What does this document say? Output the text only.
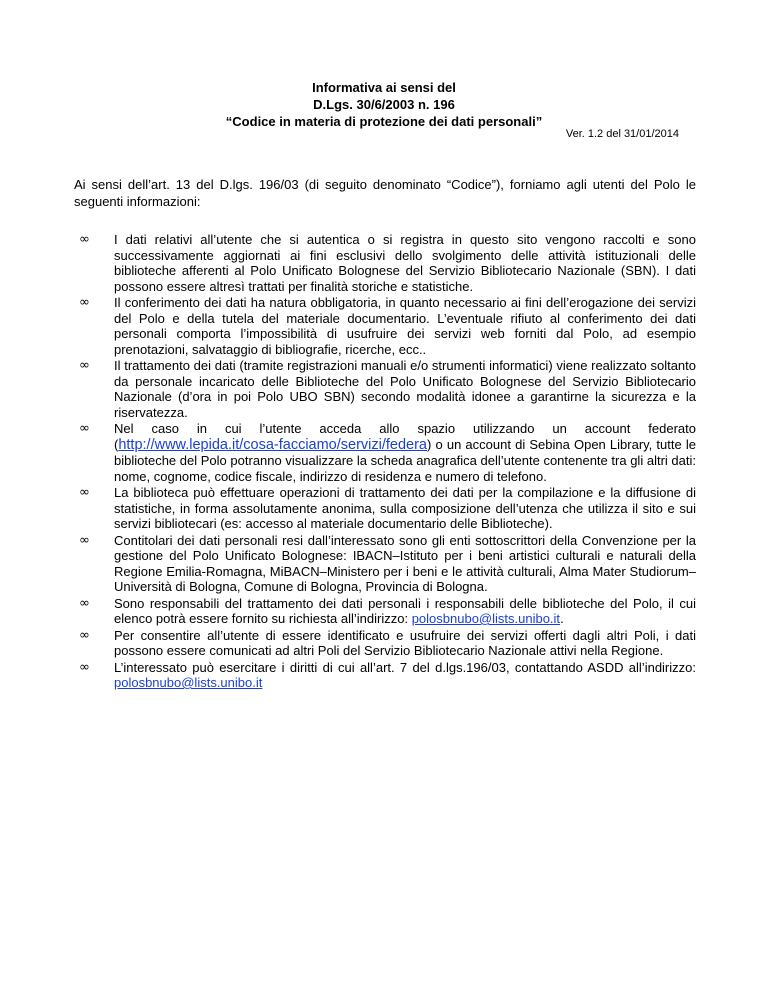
Informativa ai sensi del
D.Lgs. 30/6/2003 n. 196
“Codice in materia di protezione dei dati personali”
Ver. 1.2 del 31/01/2014
Ai sensi dell’art. 13 del D.lgs. 196/03 (di seguito denominato “Codice”), forniamo agli utenti del Polo le seguenti informazioni:
∞	I dati relativi all’utente che si autentica o si registra in questo sito vengono raccolti e sono successivamente aggiornati ai fini esclusivi dello svolgimento delle attività istituzionali delle biblioteche afferenti al Polo Unificato Bolognese del Servizio Bibliotecario Nazionale (SBN). I dati possono essere altresì trattati per finalità storiche e statistiche.
∞	Il conferimento dei dati ha natura obbligatoria, in quanto necessario ai fini dell’erogazione dei servizi del Polo e della tutela del materiale documentario. L’eventuale rifiuto al conferimento dei dati personali comporta l’impossibilità di usufruire dei servizi web forniti dal Polo, ad esempio prenotazioni, salvataggio di bibliografie, ricerche, ecc..
∞	Il trattamento dei dati (tramite registrazioni manuali e/o strumenti informatici) viene realizzato soltanto da personale incaricato delle Biblioteche del Polo Unificato Bolognese del Servizio Bibliotecario Nazionale (d’ora in poi Polo UBO SBN) secondo modalità idonee a garantirne la sicurezza e la riservatezza.
∞	Nel caso in cui l’utente acceda allo spazio utilizzando un account federato (http://www.lepida.it/cosa-facciamo/servizi/federa) o un account di Sebina Open Library, tutte le biblioteche del Polo potranno visualizzare la scheda anagrafica dell’utente contenente tra gli altri dati: nome, cognome, codice fiscale, indirizzo di residenza e numero di telefono.
∞	La biblioteca può effettuare operazioni di trattamento dei dati per la compilazione e la diffusione di statistiche, in forma assolutamente anonima, sulla composizione dell’utenza che utilizza il sito e sui servizi bibliotecari (es: accesso al materiale documentario delle Biblioteche).
∞	Contitolari dei dati personali resi dall’interessato sono gli enti sottoscrittori della Convenzione per la gestione del Polo Unificato Bolognese: IBACN–Istituto per i beni artistici culturali e naturali della Regione Emilia-Romagna, MiBACN–Ministero per i beni e le attività culturali, Alma Mater Studiorum–Università di Bologna, Comune di Bologna, Provincia di Bologna.
∞	Sono responsabili del trattamento dei dati personali i responsabili delle biblioteche del Polo, il cui elenco potrà essere fornito su richiesta all’indirizzo: polosbnubo@lists.unibo.it.
∞	Per consentire all’utente di essere identificato e usufruire dei servizi offerti dagli altri Poli, i dati possono essere comunicati ad altri Poli del Servizio Bibliotecario Nazionale attivi nella Regione.
∞	L’interessato può esercitare i diritti di cui all’art. 7 del d.lgs.196/03, contattando ASDD all’indirizzo: polosbnubo@lists.unibo.it
